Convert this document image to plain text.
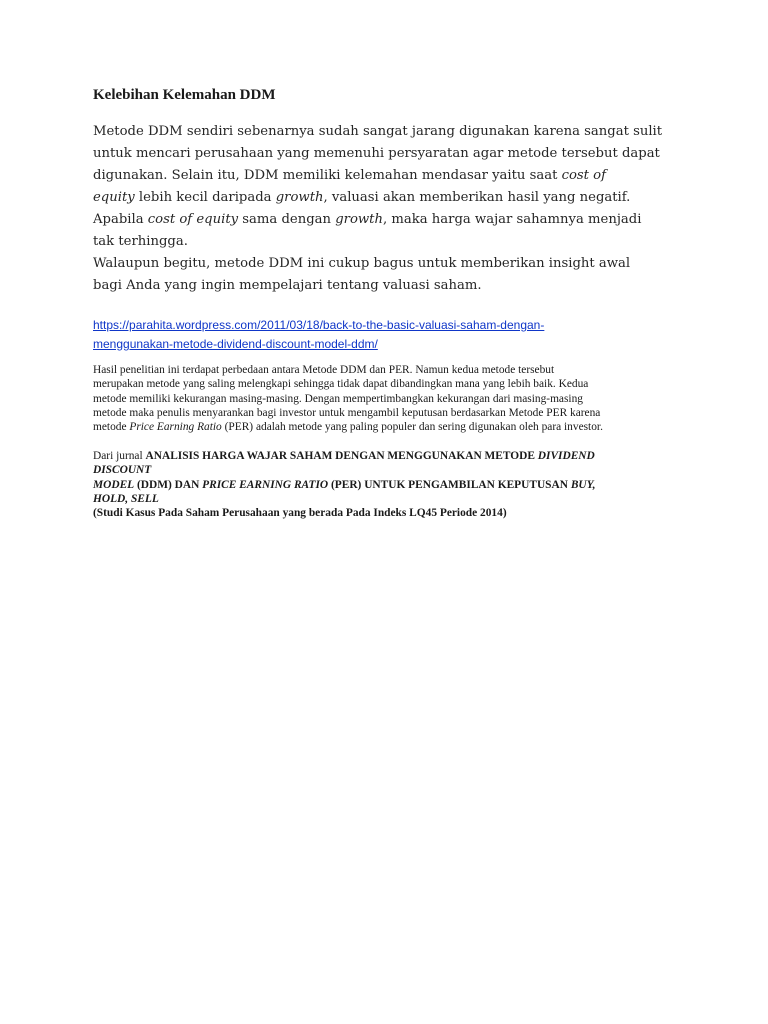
Kelebihan Kelemahan DDM

Metode DDM sendiri sebenarnya sudah sangat jarang digunakan karena sangat sulit
untuk mencari perusahaan yang memenuhi persyaratan agar metode tersebut dapat
digunakan. Selain itu, DDM memiliki kelemahan mendasar yaitu saat cost of
equity lebih kecil daripada growth, valuasi akan memberikan hasil yang negatif.
Apabila cost of equity sama dengan growth, maka harga wajar sahamnya menjadi
tak terhingga.
Walaupun begitu, metode DDM ini cukup bagus untuk memberikan insight awal
bagi Anda yang ingin mempelajari tentang valuasi saham.

https://parahita.wordpress.com/2011/03/18/back-to-the-basic-valuasi-saham-dengan-
menggunakan-metode-dividend-discount-model-ddm/

Hasil penelitian ini terdapat perbedaan antara Metode DDM dan PER. Namun kedua metode tersebut
merupakan metode yang saling melengkapi sehingga tidak dapat dibandingkan mana yang lebih baik. Kedua
metode memiliki kekurangan masing-masing. Dengan mempertimbangkan kekurangan dari masing-masing
metode maka penulis menyarankan bagi investor untuk mengambil keputusan berdasarkan Metode PER karena
metode Price Earning Ratio (PER) adalah metode yang paling populer dan sering digunakan oleh para investor.

Dari jurnal ANALISIS HARGA WAJAR SAHAM DENGAN MENGGUNAKAN METODE DIVIDEND
DISCOUNT
MODEL (DDM) DAN PRICE EARNING RATIO (PER) UNTUK PENGAMBILAN KEPUTUSAN BUY,
HOLD, SELL
(Studi Kasus Pada Saham Perusahaan yang berada Pada Indeks LQ45 Periode 2014)
